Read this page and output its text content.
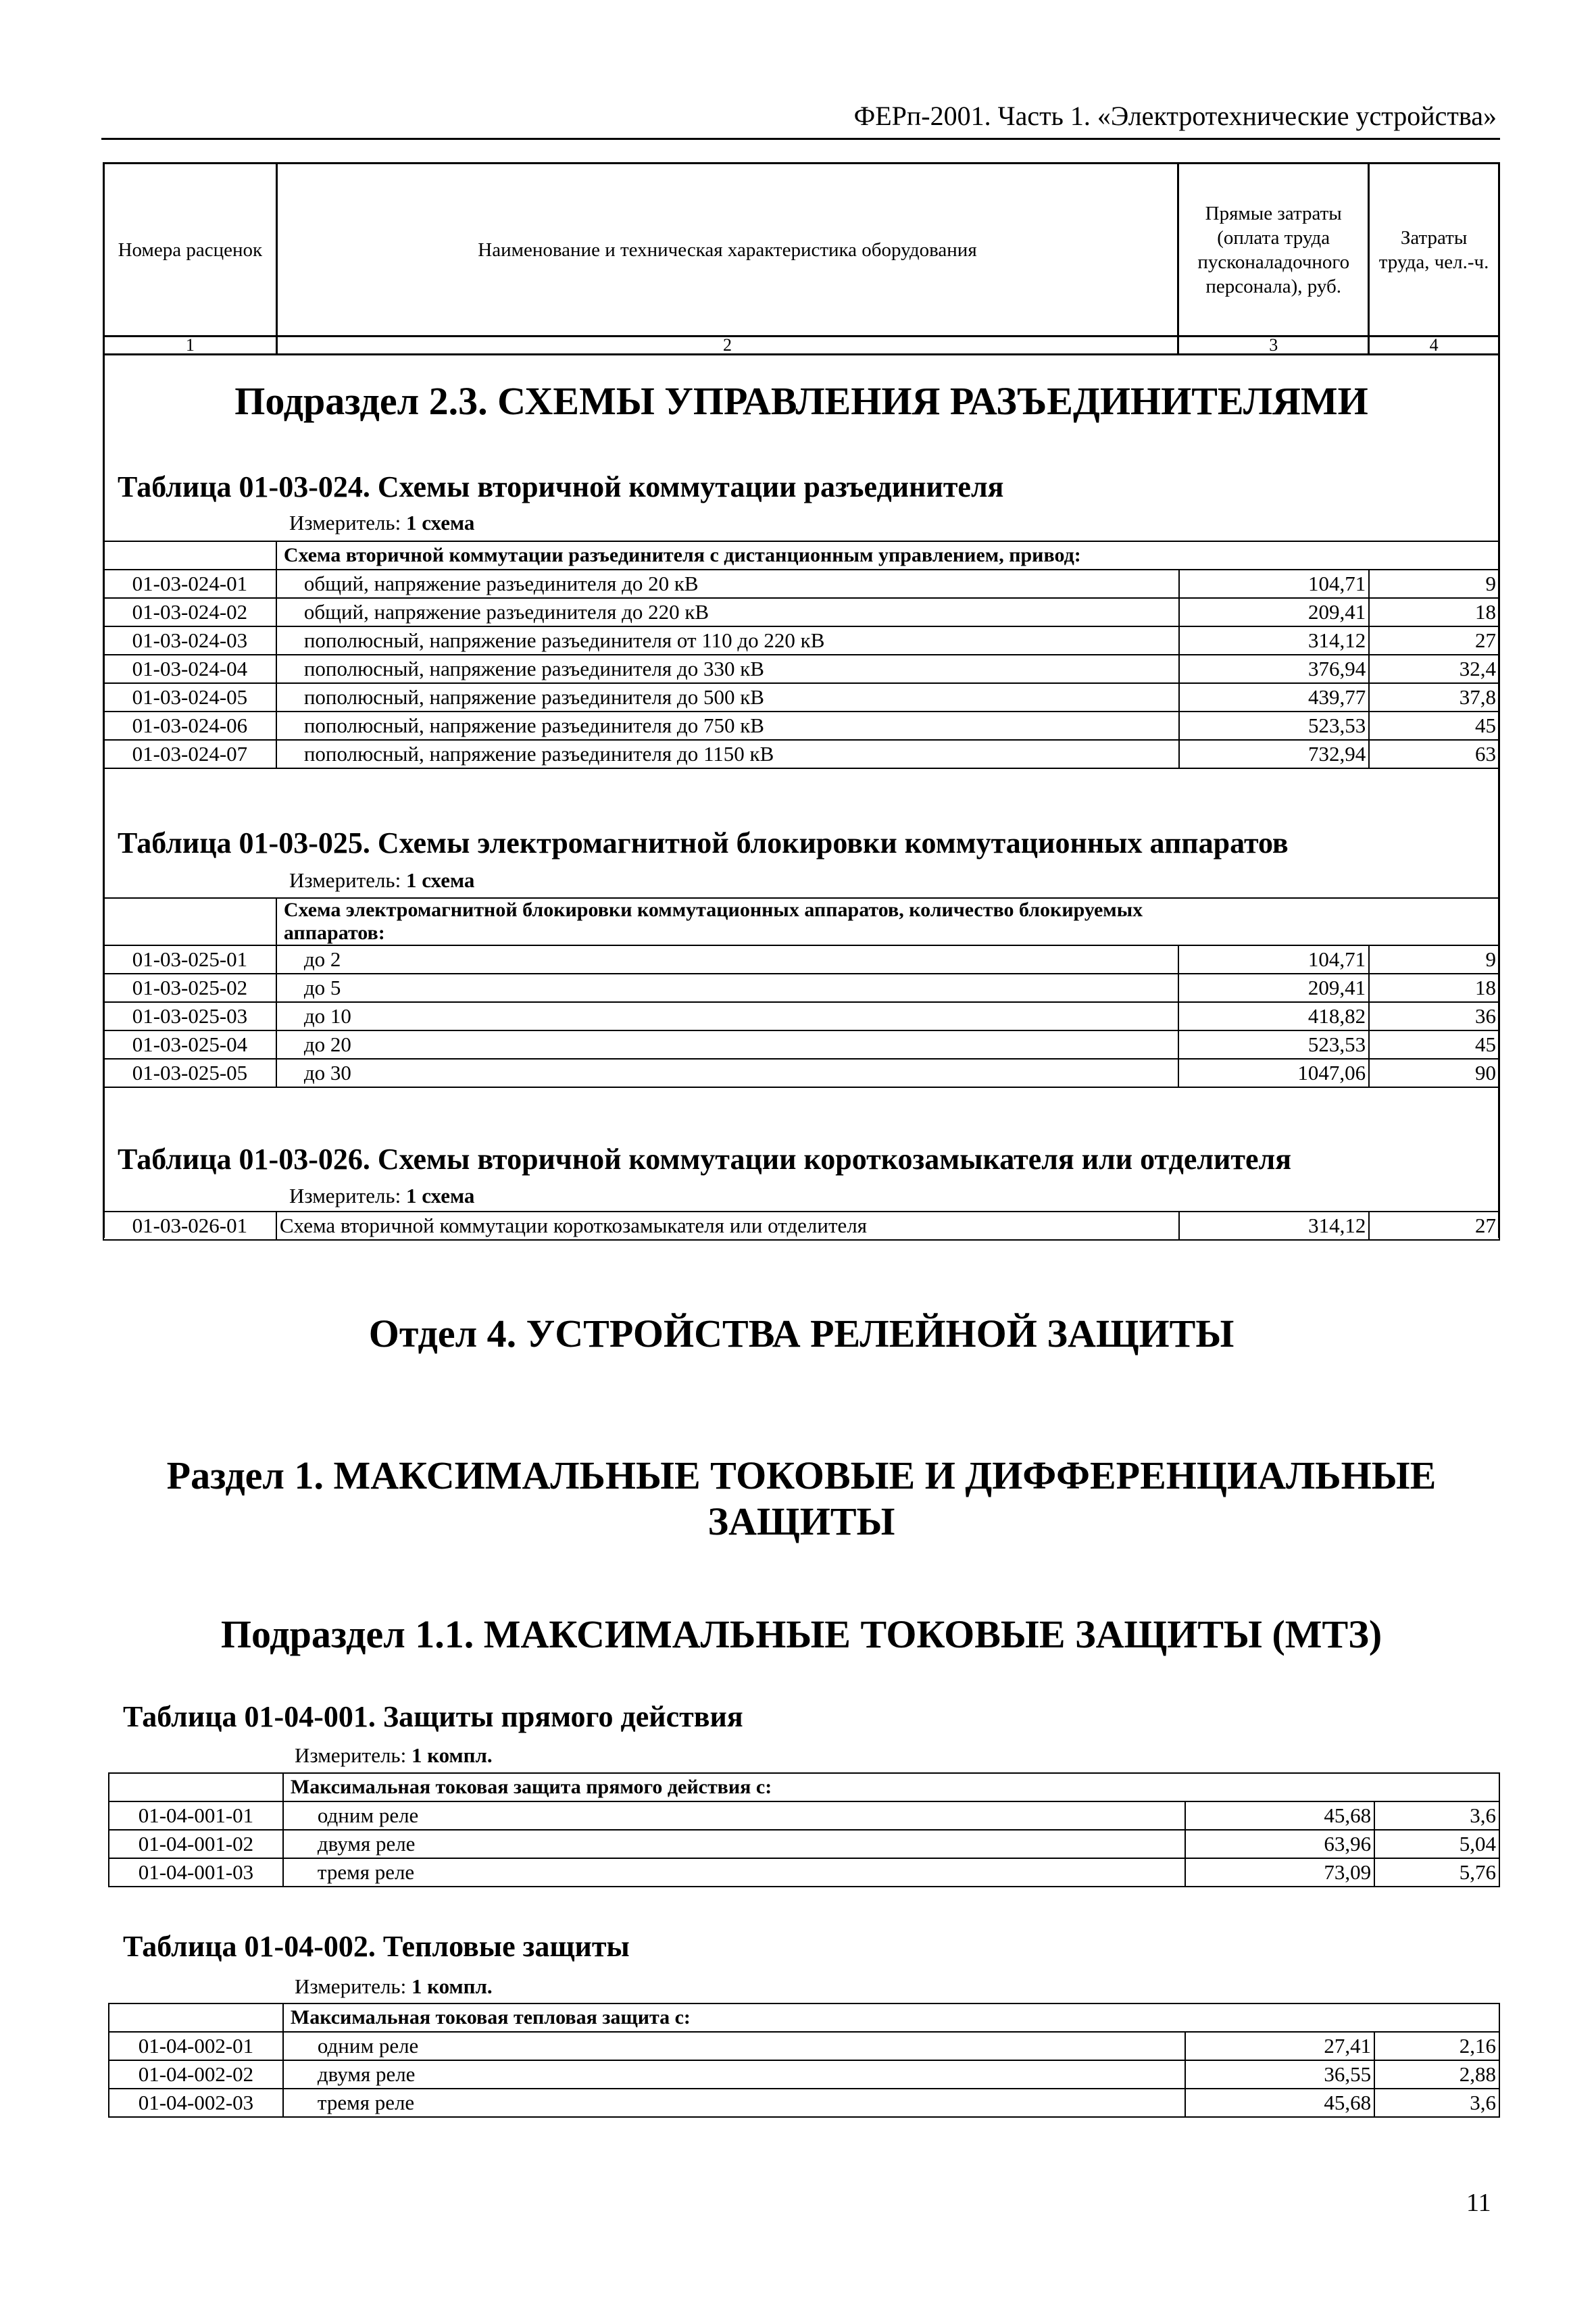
ФЕРп-2001. Часть 1. «Электротехнические устройства»
Номера расценок	Наименование и техническая характеристика оборудования	Прямые затраты (оплата труда пусконаладочного персонала), руб.	Затраты труда, чел.-ч.
1	2	3	4
Подраздел 2.3. СХЕМЫ УПРАВЛЕНИЯ РАЗЪЕДИНИТЕЛЯМИ
Таблица 01-03-024. Схемы вторичной коммутации разъединителя
Измеритель: 1 схема
	Схема вторичной коммутации разъединителя с дистанционным управлением, привод:		
01-03-024-01	общий, напряжение разъединителя до 20 кВ	104,71	9
01-03-024-02	общий, напряжение разъединителя до 220 кВ	209,41	18
01-03-024-03	пополюсный, напряжение разъединителя от 110 до 220 кВ	314,12	27
01-03-024-04	пополюсный, напряжение разъединителя до 330 кВ	376,94	32,4
01-03-024-05	пополюсный, напряжение разъединителя до 500 кВ	439,77	37,8
01-03-024-06	пополюсный, напряжение разъединителя до 750 кВ	523,53	45
01-03-024-07	пополюсный, напряжение разъединителя до 1150 кВ	732,94	63
Таблица 01-03-025. Схемы электромагнитной блокировки коммутационных аппаратов
Измеритель: 1 схема
	Схема электромагнитной блокировки коммутационных аппаратов, количество блокируемых аппаратов:		
01-03-025-01	до 2	104,71	9
01-03-025-02	до 5	209,41	18
01-03-025-03	до 10	418,82	36
01-03-025-04	до 20	523,53	45
01-03-025-05	до 30	1047,06	90
Таблица 01-03-026. Схемы вторичной коммутации короткозамыкателя или отделителя
Измеритель: 1 схема
01-03-026-01	Схема вторичной коммутации короткозамыкателя или отделителя	314,12	27
Отдел 4. УСТРОЙСТВА РЕЛЕЙНОЙ ЗАЩИТЫ
Раздел 1. МАКСИМАЛЬНЫЕ ТОКОВЫЕ И ДИФФЕРЕНЦИАЛЬНЫЕ
ЗАЩИТЫ
Подраздел 1.1. МАКСИМАЛЬНЫЕ ТОКОВЫЕ ЗАЩИТЫ (МТЗ)
Таблица 01-04-001. Защиты прямого действия
Измеритель: 1 компл.
	Максимальная токовая защита прямого действия с:		
01-04-001-01	одним реле	45,68	3,6
01-04-001-02	двумя реле	63,96	5,04
01-04-001-03	тремя реле	73,09	5,76
Таблица 01-04-002. Тепловые защиты
Измеритель: 1 компл.
	Максимальная токовая тепловая защита с:		
01-04-002-01	одним реле	27,41	2,16
01-04-002-02	двумя реле	36,55	2,88
01-04-002-03	тремя реле	45,68	3,6
11
